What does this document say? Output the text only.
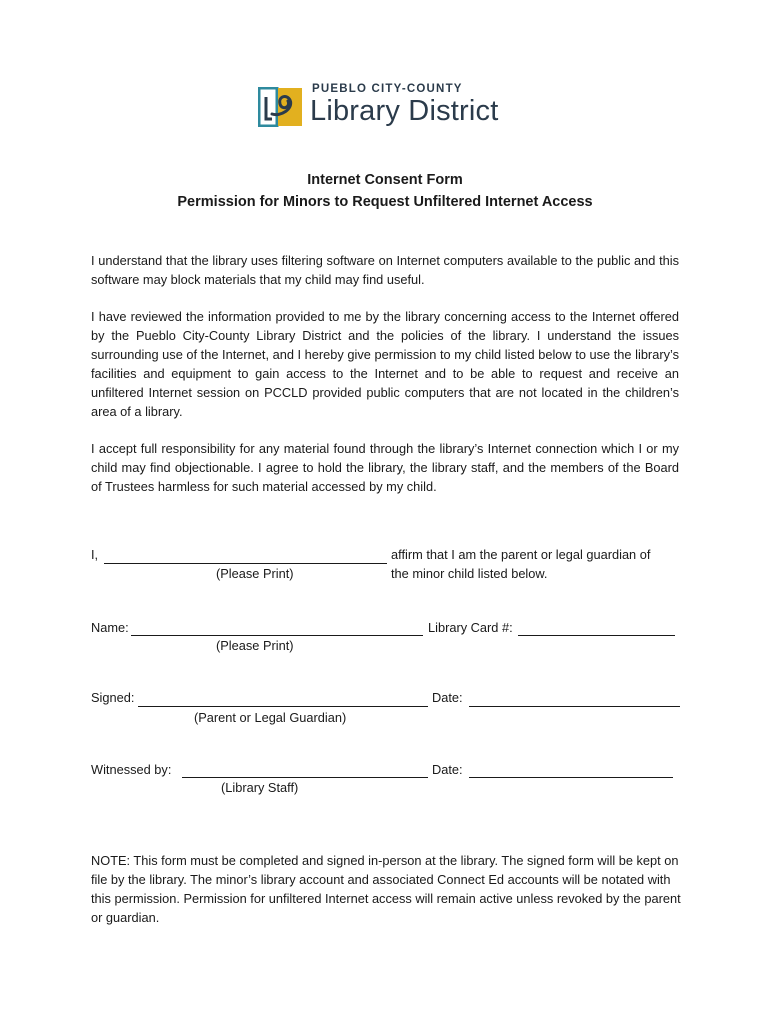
PUEBLO CITY-COUNTY
Library District
Internet Consent Form
Permission for Minors to Request Unfiltered Internet Access
I understand that the library uses filtering software on Internet computers available to the public and this software may block materials that my child may find useful.
I have reviewed the information provided to me by the library concerning access to the Internet offered by the Pueblo City-County Library District and the policies of the library. I understand the issues surrounding use of the Internet, and I hereby give permission to my child listed below to use the library’s facilities and equipment to gain access to the Internet and to be able to request and receive an unfiltered Internet session on PCCLD provided public computers that are not located in the children’s area of a library.
I accept full responsibility for any material found through the library’s Internet connection which I or my child may find objectionable. I agree to hold the library, the library staff, and the members of the Board of Trustees harmless for such material accessed by my child.
I,	affirm that I am the parent or legal guardian of
the minor child listed below.
(Please Print)
Name:	Library Card #:
(Please Print)
Signed:	Date:
(Parent or Legal Guardian)
Witnessed by:	Date:
(Library Staff)
NOTE: This form must be completed and signed in-person at the library. The signed form will be kept on file by the library. The minor’s library account and associated Connect Ed accounts will be notated with this permission. Permission for unfiltered Internet access will remain active unless revoked by the parent or guardian.
